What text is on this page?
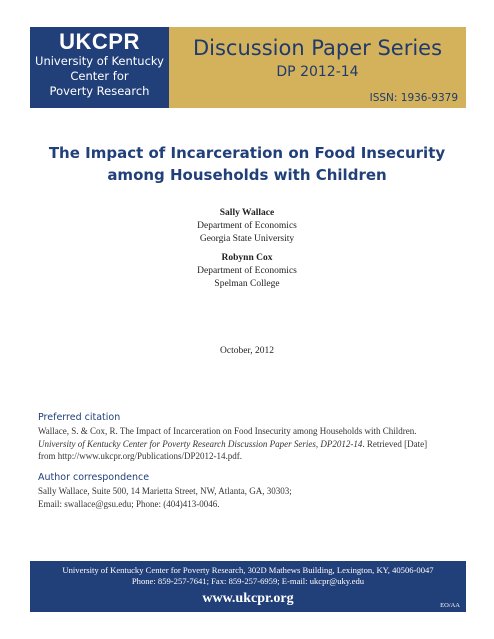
UKCPR
University of Kentucky
Center for
Poverty Research
Discussion Paper Series
DP 2012-14
ISSN: 1936-9379
The Impact of Incarceration on Food Insecurity
among Households with Children
Sally Wallace
Department of Economics
Georgia State University
Robynn Cox
Department of Economics
Spelman College
October, 2012
Preferred citation
Wallace, S. & Cox, R. The Impact of Incarceration on Food Insecurity among Households with Children.
University of Kentucky Center for Poverty Research Discussion Paper Series, DP2012-14. Retrieved [Date]
from http://www.ukcpr.org/Publications/DP2012-14.pdf.
Author correspondence
Sally Wallace, Suite 500, 14 Marietta Street, NW, Atlanta, GA, 30303;
Email: swallace@gsu.edu; Phone: (404)413-0046.
University of Kentucky Center for Poverty Research, 302D Mathews Building, Lexington, KY, 40506-0047
Phone: 859-257-7641; Fax: 859-257-6959; E-mail: ukcpr@uky.edu
www.ukcpr.org	EO/AA
